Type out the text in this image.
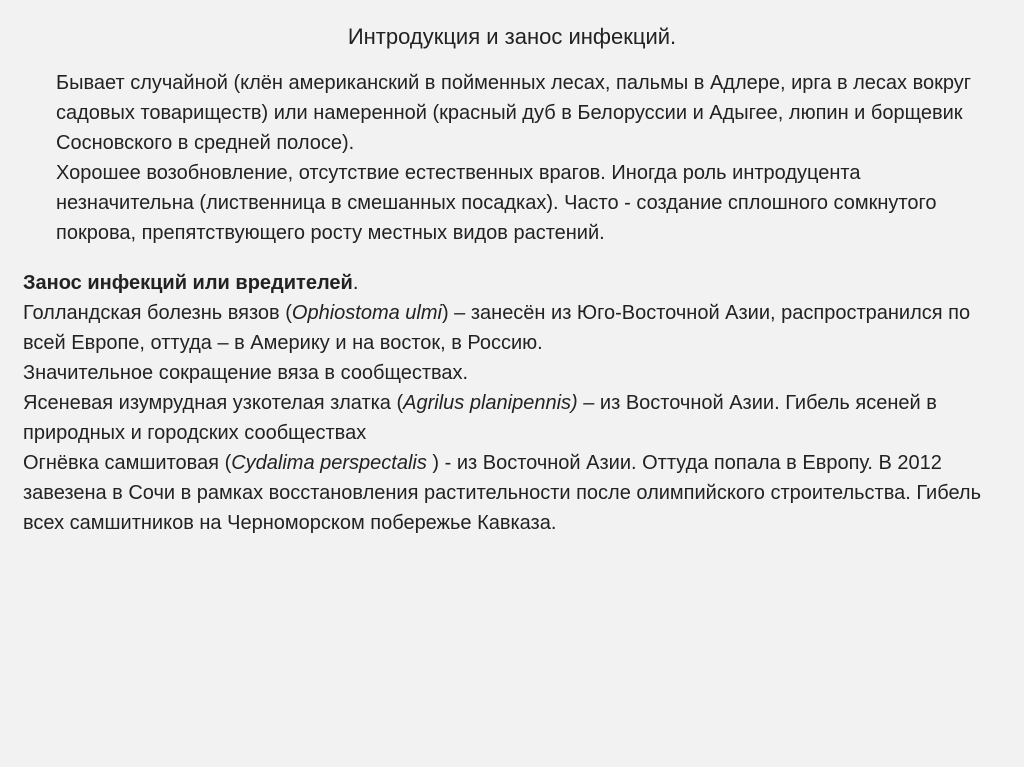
Интродукция и занос инфекций.

Бывает случайной (клён американский в пойменных лесах, пальмы в Адлере, ирга в лесах вокруг садовых товариществ) или намеренной (красный дуб в Белоруссии и Адыгее, люпин и борщевик Сосновского в средней полосе).

Хорошее возобновление, отсутствие естественных врагов. Иногда роль интродуцента незначительна (лиственница в смешанных посадках). Часто - создание сплошного сомкнутого покрова, препятствующего росту местных видов растений.

Занос инфекций или вредителей.

Голландская болезнь вязов (Ophiostoma ulmi) – занесён из Юго-Восточной Азии, распространился по всей Европе, оттуда – в Америку и на восток, в Россию.

Значительное сокращение вяза в сообществах.

Ясеневая изумрудная узкотелая златка (Agrilus planipennis) – из Восточной Азии. Гибель ясеней в природных и городских сообществах

Огнёвка самшитовая (Cydalima perspectalis ) - из Восточной Азии. Оттуда попала в Европу. В 2012 завезена в Сочи в рамках восстановления растительности после олимпийского строительства. Гибель всех самшитников на Черноморском побережье Кавказа.
